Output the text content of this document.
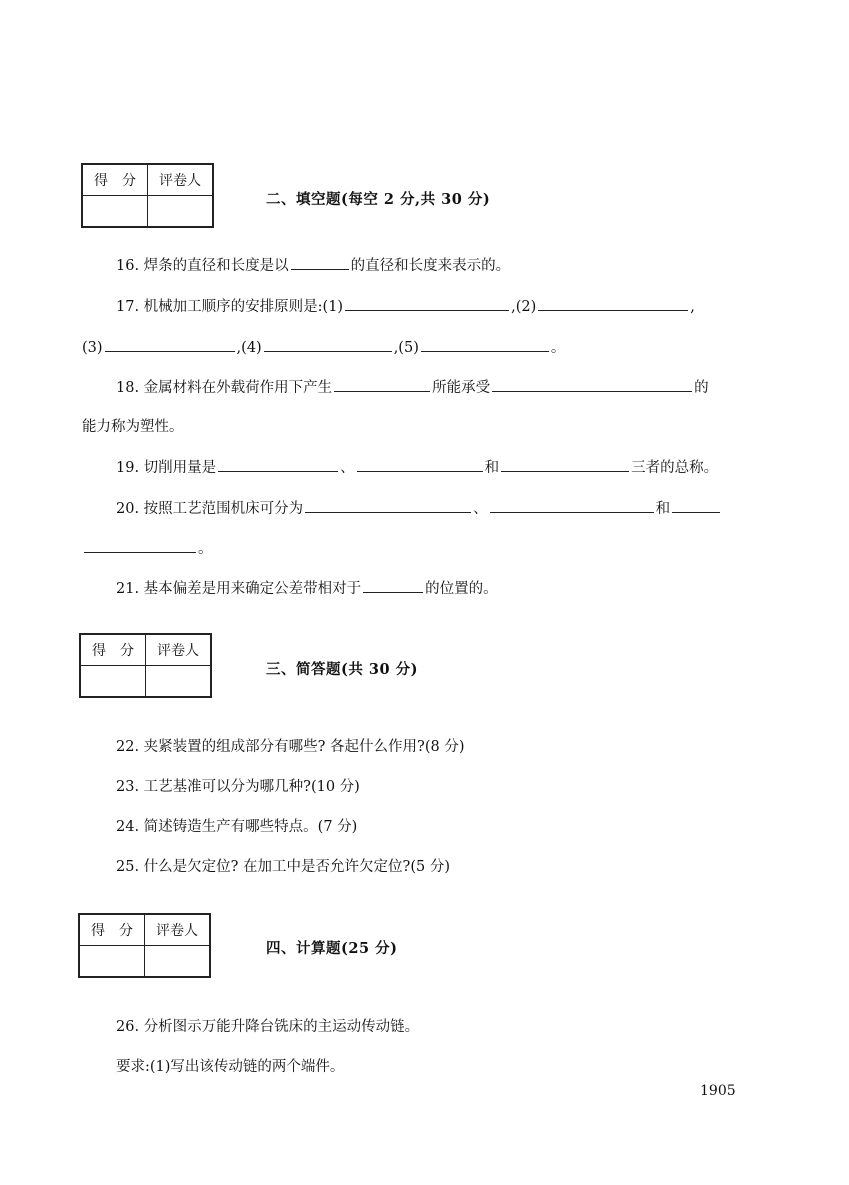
得　分	评卷人

二、填空题(每空 2 分,共 30 分)
16. 焊条的直径和长度是以	的直径和长度来表示的。
17. 机械加工顺序的安排原则是:(1)	,(2)	,
(3)	,(4)	,(5)	。
18. 金属材料在外载荷作用下产生	所能承受	的
能力称为塑性。
19. 切削用量是	、	和	三者的总称。
20. 按照工艺范围机床可分为	、	和
。
21. 基本偏差是用来确定公差带相对于	的位置的。
得　分	评卷人

三、简答题(共 30 分)
22. 夹紧装置的组成部分有哪些? 各起什么作用?(8 分)
23. 工艺基准可以分为哪几种?(10 分)
24. 简述铸造生产有哪些特点。(7 分)
25. 什么是欠定位? 在加工中是否允许欠定位?(5 分)
得　分	评卷人

四、计算题(25 分)
26. 分析图示万能升降台铣床的主运动传动链。
要求:(1)写出该传动链的两个端件。
1905
